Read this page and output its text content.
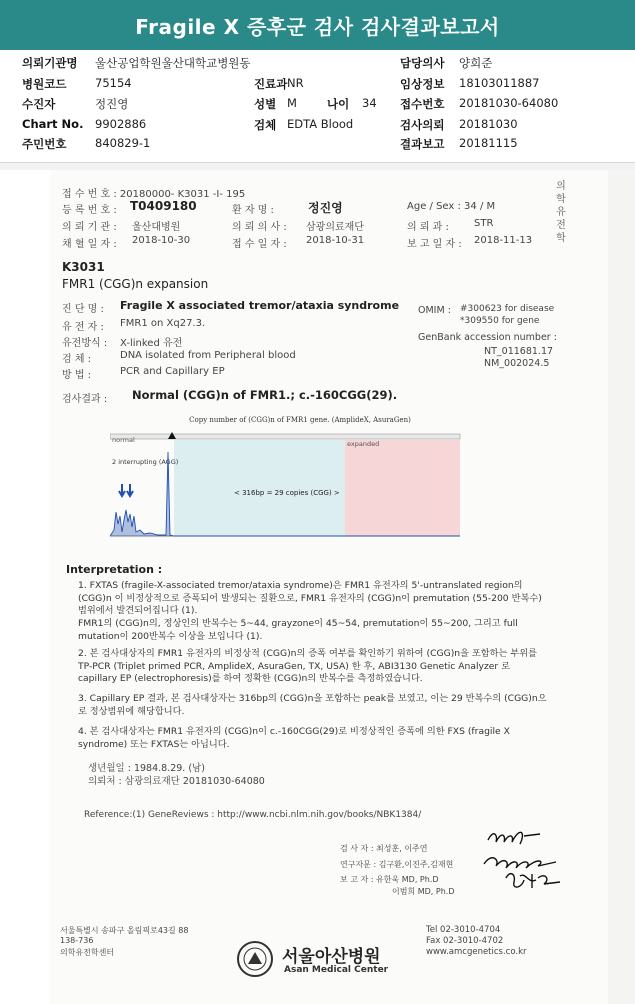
Fragile X 증후군 검사 검사결과보고서
의뢰기관명 울산공업학원울산대학교병원동	담당의사 양희준
병원코드 75154	진료과 NR	임상정보 18103011887
수진자	정진영	성별 M	나이 34 접수번호 20181030-64080
Chart No. 9902886	검체 EDTA Blood	검사의뢰 20181030
주민번호 840829-1	결과보고 20181115
의학유전학
접 수 번 호 : 20180000- K3031 -I- 195
등 록 번 호 : T0409180	환 자 명 :	정진영	Age / Sex : 34 / M
의 뢰 기 관 : 울산대병원	의 뢰 의 사 : 삼광의료재단	의 뢰 과 :	STR
채 혈 일 자 : 2018-10-30	접 수 일 자 : 2018-10-31	보 고 일 자 : 2018-11-13
K3031
FMR1 (CGG)n expansion
진 단 명 : Fragile X associated tremor/ataxia syndrome
유 전 자 : FMR1 on Xq27.3.
유전방식 : X-linked 유전
검 체 :	DNA isolated from Peripheral blood
방 법 :	PCR and Capillary EP
OMIM : #300623 for disease
*309550 for gene
GenBank accession number :
NT_011681.17
NM_002024.5
검사결과 : Normal (CGG)n of FMR1.; c.-160CGG(29).
Copy number of (CGG)n of FMR1 gene. (AmplideX, AsuraGen)
normal	expanded
2 interrupting (AGG)
< 316bp = 29 copies (CGG) >
Interpretation :

1. FXTAS (fragile-X-associated tremor/ataxia syndrome)은 FMR1 유전자의 5'-untranslated region의 (CGG)n 이 비정상적으로 증폭되어 발생되는 질환으로, FMR1 유전자의 (CGG)n이 premutation (55-200 반복수) 범위에서 발견되어집니다 (1).

FMR1의 (CGG)n의, 정상인의 반복수는 5~44, grayzone이 45~54, premutation이 55~200, 그리고 full mutation이 200반복수 이상을 보입니다 (1).

2. 본 검사대상자의 FMR1 유전자의 비정상적 (CGG)n의 증폭 여부를 확인하기 위하여 (CGG)n을 포함하는 부위를 TP-PCR (Triplet primed PCR, AmplideX, AsuraGen, TX, USA) 한 후, ABI3130 Genetic Analyzer 로 capillary EP (electrophoresis)를 하여 정확한 (CGG)n의 반복수를 측정하였습니다.

3. Capillary EP 결과, 본 검사대상자는 316bp의 (CGG)n을 포함하는 peak를 보였고, 이는 29 반복수의 (CGG)n으로 정상범위에 해당합니다.

4. 본 검사대상자는 FMR1 유전자의 (CGG)n이 c.-160CGG(29)로 비정상적인 증폭에 의한 FXS (fragile X syndrome) 또는 FXTAS는 아닙니다.

생년월일 : 1984.8.29. (남)
의뢰처 : 삼광의료재단 20181030-64080
Reference:(1) GeneReviews : http://www.ncbi.nlm.nih.gov/books/NBK1384/
검 사 자 : 최성훈, 이주연
연구자문 : 김구환,이진주,김재현
보 고 자 : 유한욱 MD, Ph.D
이범희 MD, Ph.D
서울특별시 송파구 올림픽로43길 88
138-736
의학유전학센터	서울아산병원
Asan Medical Center
Tel 02-3010-4704
Fax 02-3010-4702
www.amcgenetics.co.kr
